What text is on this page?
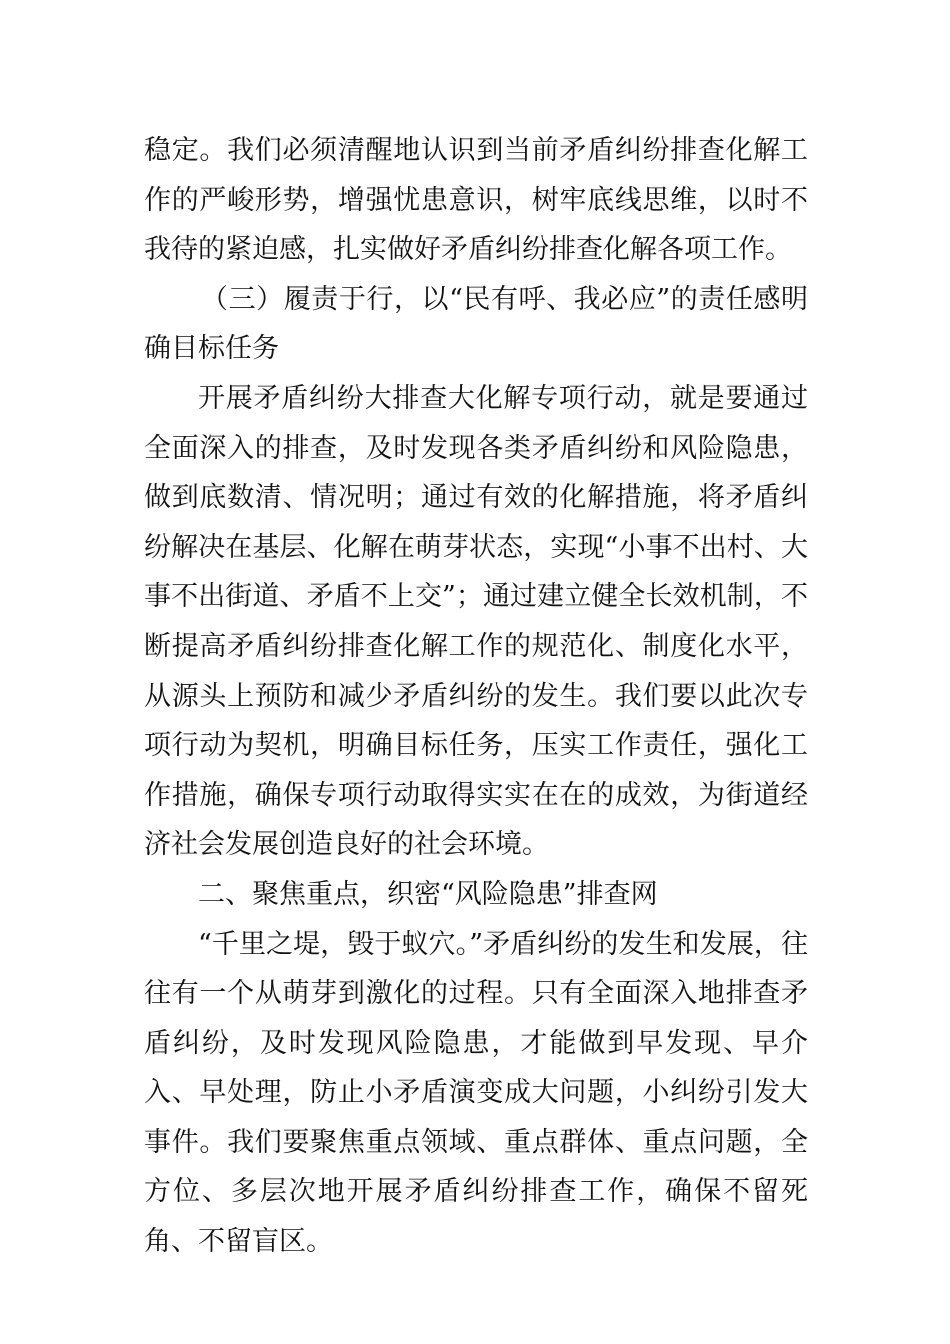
稳定。我们必须清醒地认识到当前矛盾纠纷排查化解工作的严峻形势，增强忧患意识，树牢底线思维，以时不我待的紧迫感，扎实做好矛盾纠纷排查化解各项工作。

（三）履责于行，以“民有呼、我必应”的责任感明确目标任务

开展矛盾纠纷大排查大化解专项行动，就是要通过全面深入的排查，及时发现各类矛盾纠纷和风险隐患，做到底数清、情况明；通过有效的化解措施，将矛盾纠纷解决在基层、化解在萌芽状态，实现“小事不出村、大事不出街道、矛盾不上交”；通过建立健全长效机制，不断提高矛盾纠纷排查化解工作的规范化、制度化水平，从源头上预防和减少矛盾纠纷的发生。我们要以此次专项行动为契机，明确目标任务，压实工作责任，强化工作措施，确保专项行动取得实实在在的成效，为街道经济社会发展创造良好的社会环境。

二、聚焦重点，织密“风险隐患”排查网

“千里之堤，毁于蚁穴。”矛盾纠纷的发生和发展，往往有一个从萌芽到激化的过程。只有全面深入地排查矛盾纠纷，及时发现风险隐患，才能做到早发现、早介入、早处理，防止小矛盾演变成大问题，小纠纷引发大事件。我们要聚焦重点领域、重点群体、重点问题，全方位、多层次地开展矛盾纠纷排查工作，确保不留死角、不留盲区。
